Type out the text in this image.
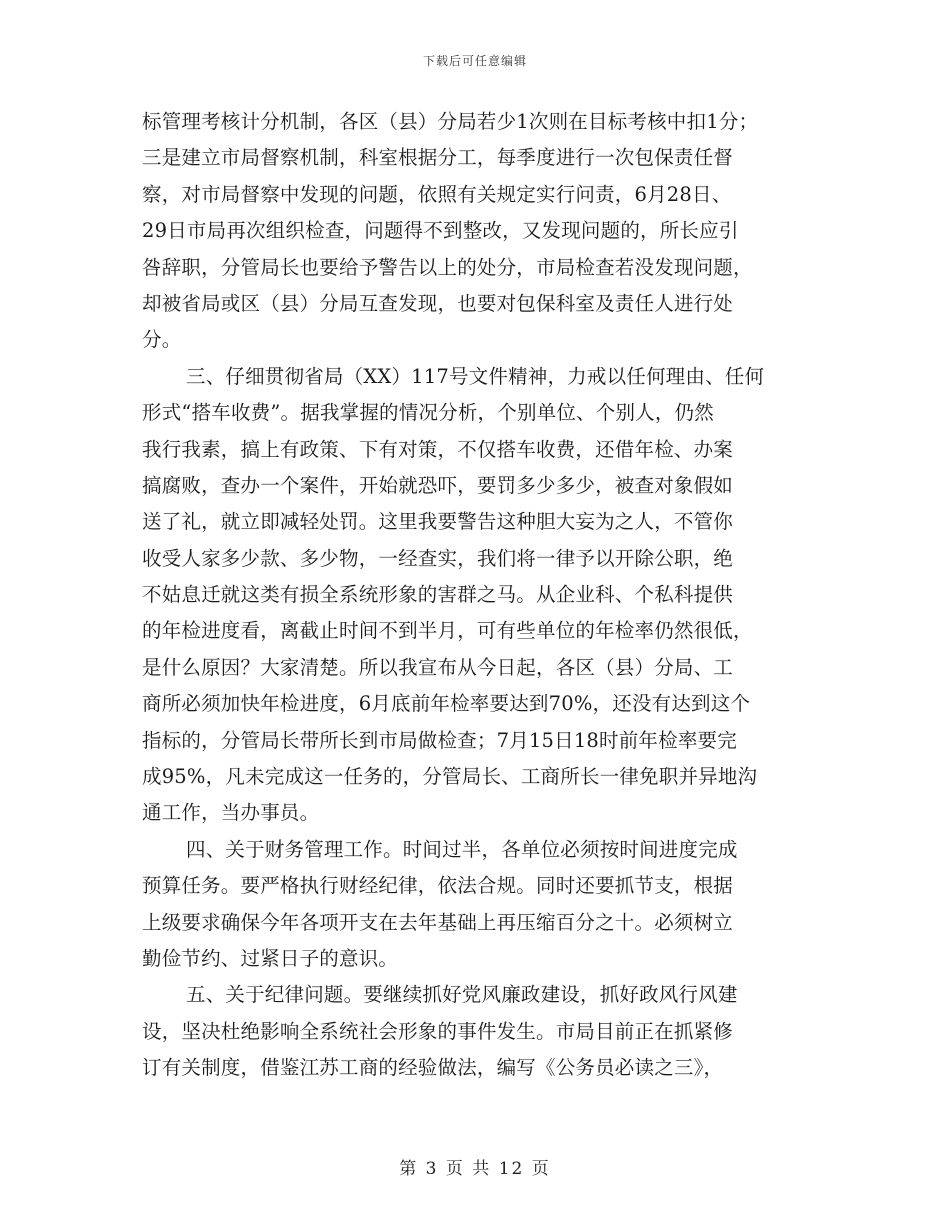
下载后可任意编辑
标管理考核计分机制，各区（县）分局若少1次则在目标考核中扣1分；
三是建立市局督察机制，科室根据分工，每季度进行一次包保责任督
察，对市局督察中发现的问题，依照有关规定实行问责，6月28日、
29日市局再次组织检查，问题得不到整改，又发现问题的，所长应引
咎辞职，分管局长也要给予警告以上的处分，市局检查若没发现问题，
却被省局或区（县）分局互查发现，也要对包保科室及责任人进行处
分。
三、仔细贯彻省局（XX）117号文件精神，力戒以任何理由、任何
形式“搭车收费”。据我掌握的情况分析，个别单位、个别人，仍然
我行我素，搞上有政策、下有对策，不仅搭车收费，还借年检、办案
搞腐败，查办一个案件，开始就恐吓，要罚多少多少，被查对象假如
送了礼，就立即减轻处罚。这里我要警告这种胆大妄为之人，不管你
收受人家多少款、多少物，一经查实，我们将一律予以开除公职，绝
不姑息迁就这类有损全系统形象的害群之马。从企业科、个私科提供
的年检进度看，离截止时间不到半月，可有些单位的年检率仍然很低，
是什么原因？大家清楚。所以我宣布从今日起，各区（县）分局、工
商所必须加快年检进度，6月底前年检率要达到70%，还没有达到这个
指标的，分管局长带所长到市局做检查；7月15日18时前年检率要完
成95%，凡未完成这一任务的，分管局长、工商所长一律免职并异地沟
通工作，当办事员。
四、关于财务管理工作。时间过半，各单位必须按时间进度完成
预算任务。要严格执行财经纪律，依法合规。同时还要抓节支，根据
上级要求确保今年各项开支在去年基础上再压缩百分之十。必须树立
勤俭节约、过紧日子的意识。
五、关于纪律问题。要继续抓好党风廉政建设，抓好政风行风建
设，坚决杜绝影响全系统社会形象的事件发生。市局目前正在抓紧修
订有关制度，借鉴江苏工商的经验做法，编写《公务员必读之三》，
第 3 页 共 12 页
